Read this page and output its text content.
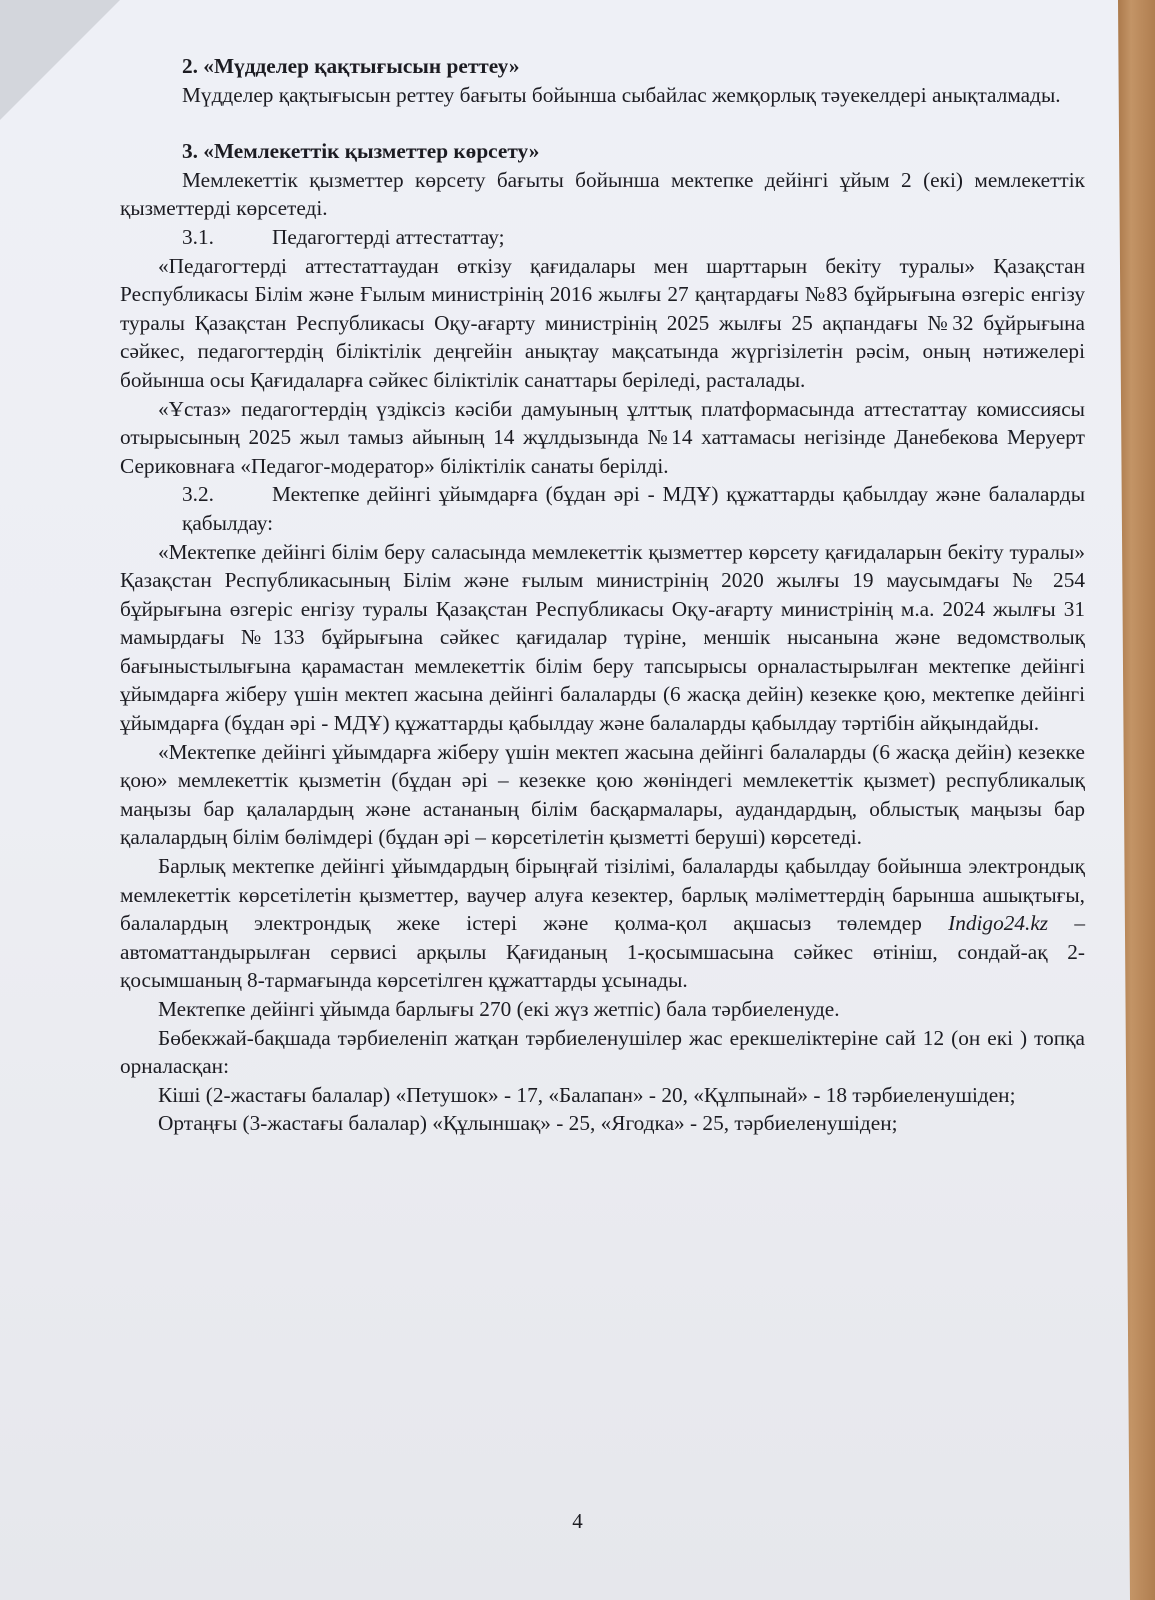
2. «Мүдделер қақтығысын реттеу»

Мүдделер қақтығысын реттеу бағыты бойынша сыбайлас жемқорлық тәуекелдері анықталмады.

3. «Мемлекеттік қызметтер көрсету»

Мемлекеттік қызметтер көрсету бағыты бойынша мектепке дейінгі ұйым 2 (екі) мемлекеттік қызметтерді көрсетеді.

3.1.	Педагогтерді аттестаттау;

«Педагогтерді аттестаттаудан өткізу қағидалары мен шарттарын бекіту туралы» Қазақстан Республикасы Білім және Ғылым министрінің 2016 жылғы 27 қаңтардағы №83 бұйрығына өзгеріс енгізу туралы Қазақстан Республикасы Оқу-ағарту министрінің 2025 жылғы 25 ақпандағы №32 бұйрығына сәйкес, педагогтердің біліктілік деңгейін анықтау мақсатында жүргізілетін рәсім, оның нәтижелері бойынша осы Қағидаларға сәйкес біліктілік санаттары беріледі, расталады.

«Ұстаз» педагогтердің үздіксіз кәсіби дамуының ұлттық платформасында аттестаттау комиссиясы отырысының 2025 жыл тамыз айының 14 жұлдызында №14 хаттамасы негізінде Данебекова Меруерт Сериковнаға «Педагог-модератор» біліктілік санаты берілді.

3.2.	Мектепке дейінгі ұйымдарға (бұдан әрі - МДҰ) құжаттарды қабылдау және балаларды қабылдау:

«Мектепке дейінгі білім беру саласында мемлекеттік қызметтер көрсету қағидаларын бекіту туралы» Қазақстан Республикасының Білім және ғылым министрінің 2020 жылғы 19 маусымдағы № 254 бұйрығына өзгеріс енгізу туралы Қазақстан Республикасы Оқу-ағарту министрінің м.а. 2024 жылғы 31 мамырдағы №133 бұйрығына сәйкес қағидалар түріне, меншік нысанына және ведомстволық бағыныстылығына қарамастан мемлекеттік білім беру тапсырысы орналастырылған мектепке дейінгі ұйымдарға жіберу үшін мектеп жасына дейінгі балаларды (6 жасқа дейін) кезекке қою, мектепке дейінгі ұйымдарға (бұдан әрі - МДҰ) құжаттарды қабылдау және балаларды қабылдау тәртібін айқындайды.

«Мектепке дейінгі ұйымдарға жіберу үшін мектеп жасына дейінгі балаларды (6 жасқа дейін) кезекке қою» мемлекеттік қызметін (бұдан әрі – кезекке қою жөніндегі мемлекеттік қызмет) республикалық маңызы бар қалалардың және астананың білім басқармалары, аудандардың, облыстық маңызы бар қалалардың білім бөлімдері (бұдан әрі – көрсетілетін қызметті беруші) көрсетеді.

Барлық мектепке дейінгі ұйымдардың бірыңғай тізілімі, балаларды қабылдау бойынша электрондық мемлекеттік көрсетілетін қызметтер, ваучер алуға кезектер, барлық мәліметтердің барынша ашықтығы, балалардың электрондық жеке істері және қолма-қол ақшасыз төлемдер Indigo24.kz – автоматтандырылған сервисі арқылы Қағиданың 1-қосымшасына сәйкес өтініш, сондай-ақ 2-қосымшаның 8-тармағында көрсетілген құжаттарды ұсынады.

Мектепке дейінгі ұйымда барлығы 270 (екі жүз жетпіс) бала тәрбиеленуде.

Бөбекжай-бақшада тәрбиеленіп жатқан тәрбиеленушілер жас ерекшеліктеріне сай 12 (он екі ) топқа орналасқан:

Кіші (2-жастағы балалар) «Петушок» - 17, «Балапан» - 20, «Құлпынай» - 18 тәрбиеленушіден;

Ортаңғы (3-жастағы балалар) «Құлыншақ» - 25, «Ягодка» - 25, тәрбиеленушіден;

4
